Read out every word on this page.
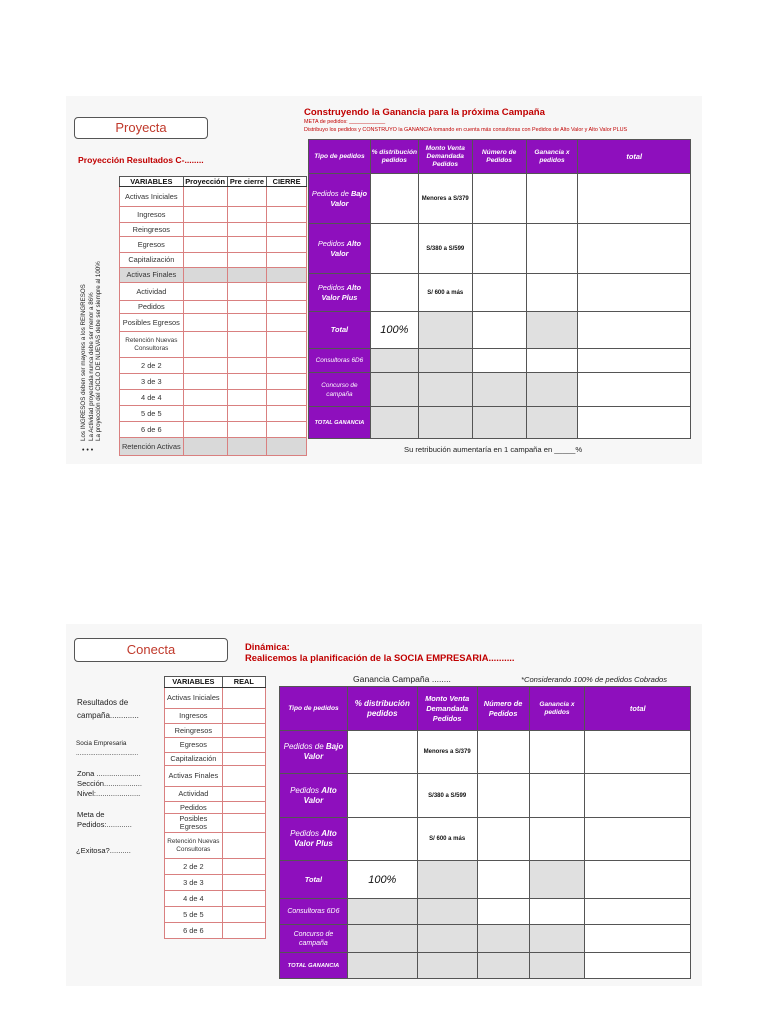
Proyecta
Proyección Resultados C-........
Construyendo la Ganancia para la próxima Campaña
META de pedidos: ____________
Distribuyo los pedidos y CONSTRUYO la GANANCIA tomando en cuenta más consultoras con Pedidos de Alto Valor y Alto Valor PLUS
Los INGRESOS deben ser mayores a los REINGRESOS La Actividad proyectada nunca debe ser menor a 86% La proyección del CICLO DE NUEVAS debe ser siempre al 100%
• • •
VARIABLES	Proyección	Pre cierre	CIERRE
Activas Iniciales			
Ingresos			
Reingresos			
Egresos			
Capitalización			
Activas Finales			
Actividad			
Pedidos			
Posibles Egresos			
Retención Nuevas Consultoras			
2 de 2			
3 de 3			
4 de 4			
5 de 5			
6 de 6			
Retención Activas			
Tipo de pedidos	% distribución pedidos	Monto Venta Demandada Pedidos	Número de Pedidos	Ganancia x pedidos	total
Pedidos de Bajo Valor		Menores a S/379			
Pedidos Alto Valor		S/380 a S/599			
Pedidos Alto Valor Plus		S/ 600 a más			
Total	100%				
Consultoras 6D6					
Concurso de campaña					
TOTAL GANANCIA					
Su retribución aumentaría en 1 campaña en _____%
Conecta	Dinámica:
Realicemos la planificación de la SOCIA EMPRESARIA..........
Ganancia Campaña ........	*Considerando 100% de pedidos Cobrados
Resultados de campaña.............
Socia Empresaria
...................................
Zona .....................
Sección..................
Nivel:.....................
Meta de Pedidos:............
¿Exitosa?..........
VARIABLES	REAL
Activas Iniciales	
Ingresos	
Reingresos	
Egresos	
Capitalización	
Activas Finales	
Actividad	
Pedidos	
Posibles Egresos	
Retención Nuevas Consultoras	
2 de 2	
3 de 3	
4 de 4	
5 de 5	
6 de 6	
Tipo de pedidos	% distribución pedidos	Monto Venta Demandada Pedidos	Número de Pedidos	Ganancia x pedidos	total
Pedidos de Bajo Valor		Menores a S/379			
Pedidos Alto Valor		S/380 a S/599			
Pedidos Alto Valor Plus		S/ 600 a más			
Total	100%				
Consultoras 6D6					
Concurso de campaña					
TOTAL GANANCIA					
